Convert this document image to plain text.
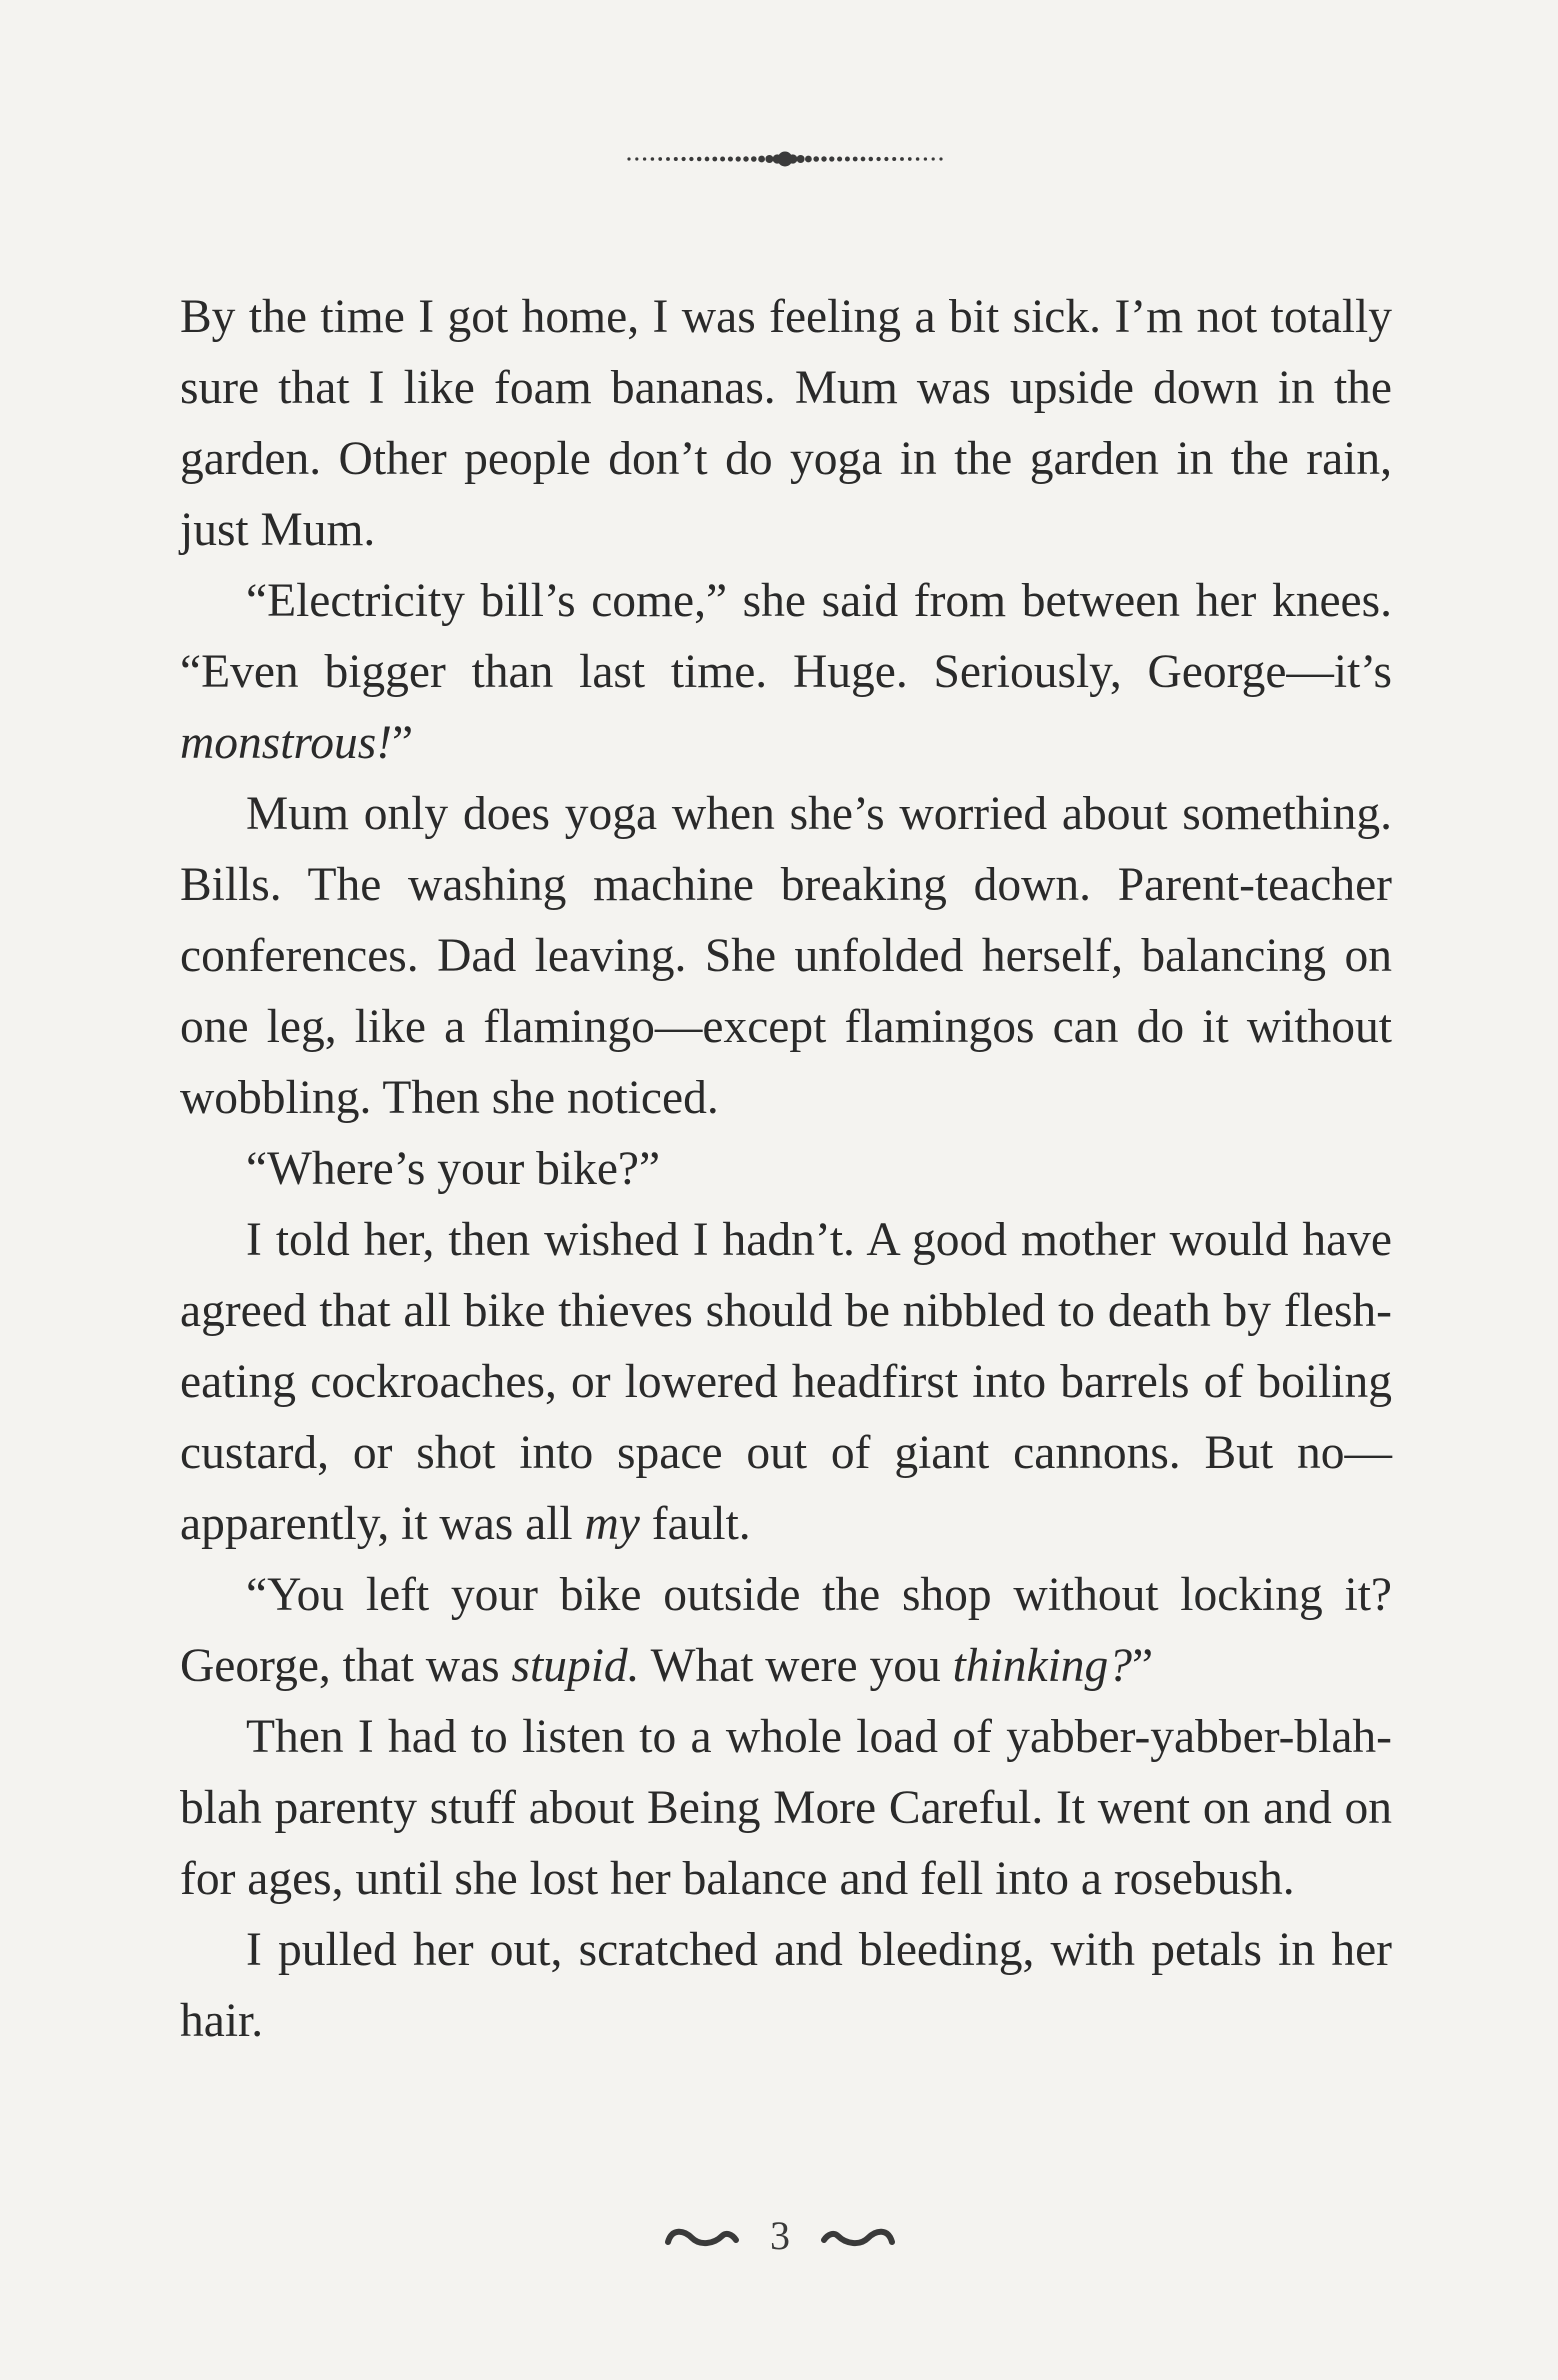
By the time I got home, I was feeling a bit sick. I’m not totally sure that I like foam bananas. Mum was upside down in the garden. Other people don’t do yoga in the garden in the rain, just Mum.

“Electricity bill’s come,” she said from between her knees. “Even bigger than last time. Huge. Seriously, George—it’s monstrous!”

Mum only does yoga when she’s worried about something. Bills. The washing machine breaking down. Parent-teacher conferences. Dad leaving. She unfolded herself, balancing on one leg, like a flamingo—except flamingos can do it without wobbling. Then she noticed.

“Where’s your bike?”

I told her, then wished I hadn’t. A good mother would have agreed that all bike thieves should be nibbled to death by flesh-eating cockroaches, or lowered headfirst into barrels of boiling custard, or shot into space out of giant cannons. But no—apparently, it was all my fault.

“You left your bike outside the shop without locking it? George, that was stupid. What were you thinking?”

Then I had to listen to a whole load of yabber-yabber-blah-blah parenty stuff about Being More Careful. It went on and on for ages, until she lost her balance and fell into a rosebush.

I pulled her out, scratched and bleeding, with petals in her hair.

3
